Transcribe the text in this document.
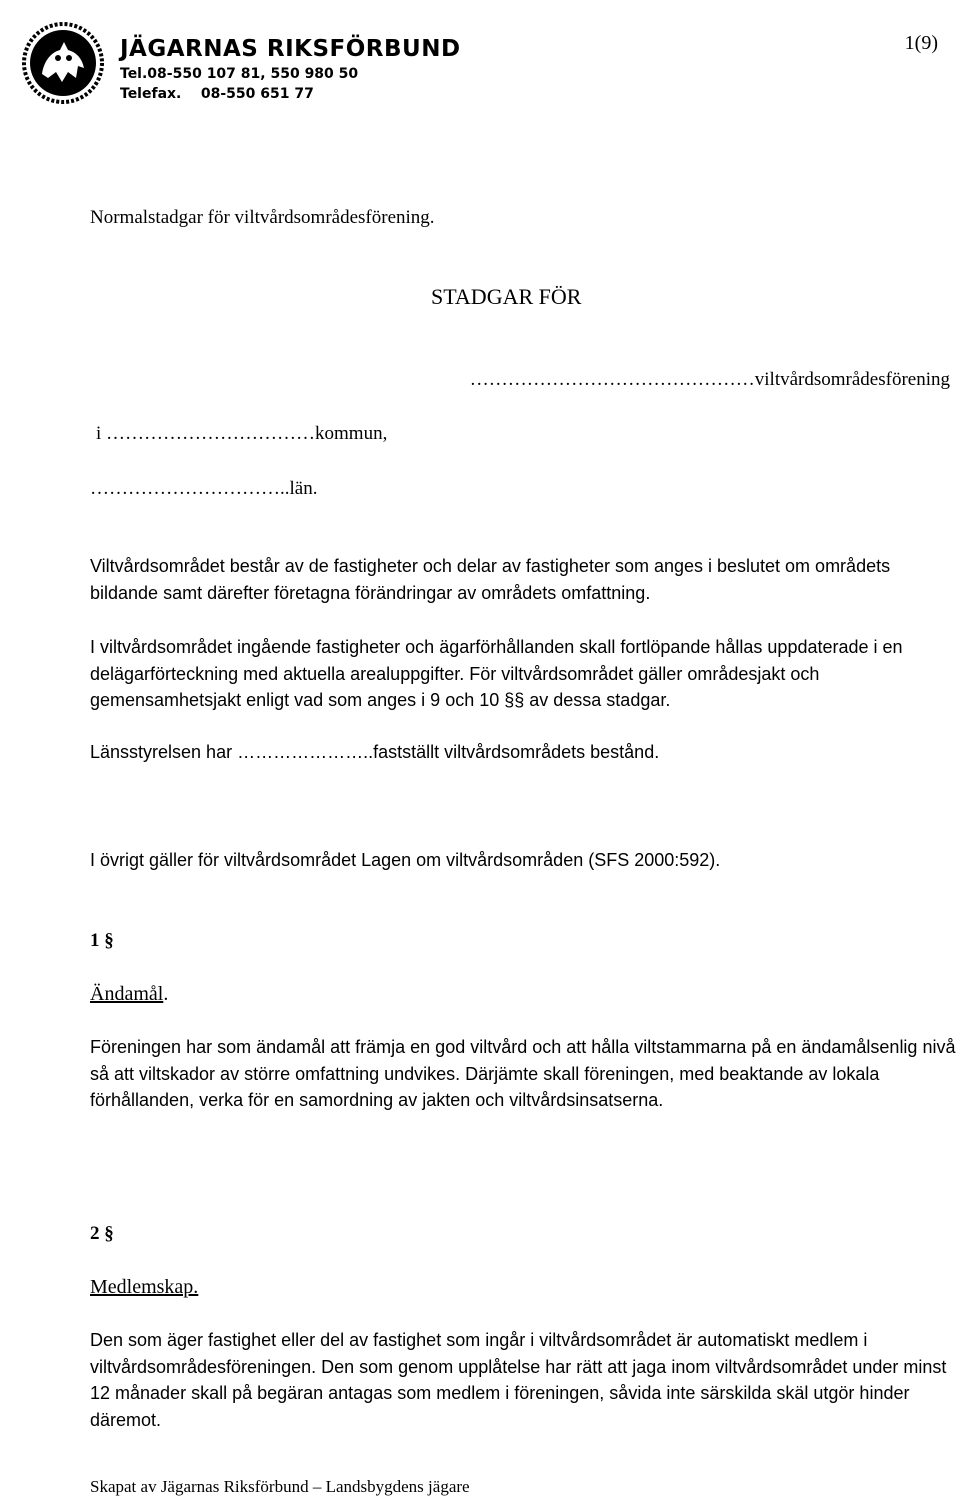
JÄGARNAS RIKSFÖRBUND
Tel.08-550 107 81, 550 980 50
Telefax.    08-550 651 77
1(9)
Normalstadgar för viltvårdsområdesförening.
STADGAR FÖR
………………………………………viltvårdsområdesförening
i ……………………………kommun,
…………………………..län.

Viltvårdsområdet består av de fastigheter och delar av fastigheter som anges i beslutet om områdets bildande samt därefter företagna förändringar av områdets omfattning.

I viltvårdsområdet ingående fastigheter och ägarförhållanden skall fortlöpande hållas uppdaterade i en delägarförteckning med aktuella arealuppgifter. För viltvårdsområdet gäller områdesjakt och gemensamhetsjakt enligt vad som anges i 9 och 10 §§ av dessa stadgar.

Länsstyrelsen har …………………..fastställt viltvårdsområdets bestånd.

I övrigt gäller för viltvårdsområdet Lagen om viltvårdsområden (SFS 2000:592).

1 §
Ändamål.

Föreningen har som ändamål att främja en god viltvård och att hålla viltstammarna på en ändamålsenlig nivå så att viltskador av större omfattning undvikes. Därjämte skall föreningen, med beaktande av lokala förhållanden, verka för en samordning av jakten och viltvårdsinsatserna.

2 §
Medlemskap.

Den som äger fastighet eller del av fastighet som ingår i viltvårdsområdet är automatiskt medlem i viltvårdsområdesföreningen. Den som genom upplåtelse har rätt att jaga inom viltvårdsområdet under minst 12 månader skall på begäran antagas som medlem i föreningen, såvida inte särskilda skäl utgör hinder däremot.

Skapat av Jägarnas Riksförbund – Landsbygdens jägare
